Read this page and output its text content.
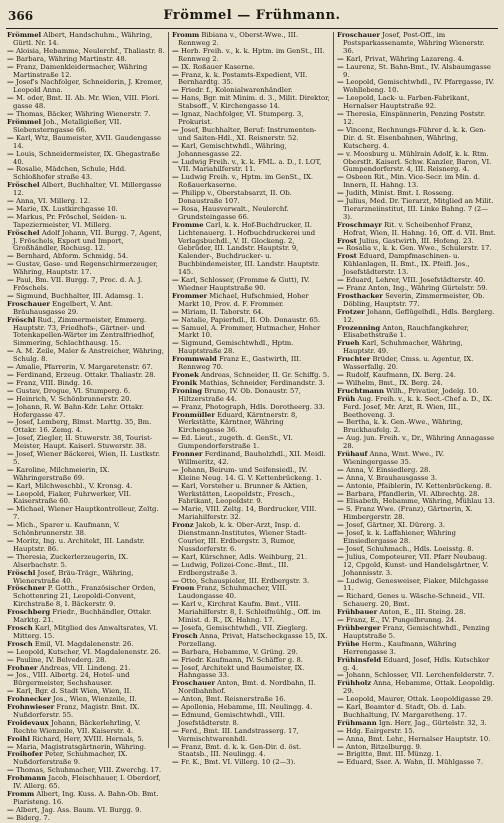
366	Frömmel — Frühmann.
Frömmel Albert, Handschuhm., Währing, Gürtl. Nr. 14.
— Aloisia, Hebamme, Neulerchf., Thaliastr. 8.
— Barbara, Währing Martinstr. 48.
— Franz, Damenkleidermacher, Währing Martinstraße 12.
— Josef's Nachfolger, Schneiderin, J. Kremer, Leopold Anna.
— M. oder, Bmt. II. Ab. Mr. Wien, VIII. Flori. gasse 48.
— Thomas, Bäcker, Währing Wienerstr. 7.
Frömmel Joh., Metallgießer, VII. Siebensterngasse 66.
— Karl, Wtz, Baumeister, XVII. Gaudengasse 14.
— Louis, Schneidermeister, IX. Ghegastraße 40.
— Rosalie, Mädchen, Schule, Hdd. Schloßhofer straße 43.
Fröschel Albert, Buchhalter, VI. Millergasse 12.
— Anna, VI. Millerg. 12.
— Marie, IX. Lustkirchgasse 10.
— Markus, Pr. Fröschel, Seiden- u. Tapeziermeister, VI. Millerg.
Fröschel Adolf Johann, VII. Burgg. 7, Agent, J. Fröschels, Export und Import, Großhändler, Rochusg. 12.
— Bernhard, Abform. Schmidg. 54.
— Gustav, Gase- und Regenschirmerzeuger, Währing, Hauptstr. 17.
— Paul, Bm. VII. Burgg. 7, Proc. d. A. J. Fröschels.
— Sigmund, Buchhalter, III. Adamsg. 1.
Froschauer Engelbert, V. Ant. Bräuhausgasse 29.
Fröschl Rud., Zimmermeister, Emmerg. Hauptstr. 73, Friedhofs-, Gärtner- und Totenkapellen-Wärter im Zentralfriedhof, Simmering, Schlachthausg. 15.
— A. M. Zeile, Maler & Anstreicher, Währing, Schulg. 8.
— Amalie, Pfarrerin, V. Margaretenstr. 67.
— Ferdinand, Erzeug. Ottakr. Thaliastr. 28.
— Franz, VIII. Bindg. 16.
— Gustav, Drogue, VI. Stumperg. 6.
— Heinrich, V. Schönbrunnerstr. 20.
— Johann, R. W. Bahn-Kdr. Lehr. Ottakr. Hofergasse 47.
— Josef, Lemberg, Blmst. Marttg. 35, Bm. Ottakr. 16. Zemg. 4.
— Josef, Ziegler, II. Stuwerstr. 38, Tourist-Meister, Haupt. Kaiserl. Stuwerstr. 38.
— Josef, Wiener Bäckerei, Wien, II. Lustkstr. 5.
— Karoline, Milchmeierin, IX. Währingerstraße 69.
— Karl, Milchweschbl., V. Kronsg. 4.
— Leopold, Fiaker, Fuhrwerker, VII. Kaiserstraße 60.
— Michael, Wiener Hauptkontrolleur, Zeltg. 7.
— Mich., Sparer u. Kaufmann, V. Schönbrunnerstr. 38.
— Moritz, Ing. u. Architekt, III. Landstr. Hauptstr. 86.
— Theresia, Zuckerlerzeugerin, IX. Alserbachstr. 5.
Fröschl Josef, Bräu-Trägr., Währing, Wienerstraße 40.
Fröschner P. Gotth., Französischer Orden, Schottenring 21, Leopoldi-Convent, Kirchstraße 8, I. Bäckerstr. 9.
Froschberg Friedr., Buchhändler, Ottakr. Marktg. 21.
Frosch Karl, Mitglied des Anwaltsrates, VI. Mitterg. 15.
Frosch Emil, VI. Magdalenenstr. 26.
— Leopold, Kutscher, VI. Magdalenenstr. 26.
— Pauline, IV. Belvederg. 28.
Frohner Andreas, VII. Lindeng. 21.
— Jos., VIII. Albertg. 24, Hotel- und Bürgermeister, Sechshauser.
— Karl, Bgr. d. Stadt Wien, Wien, II.
Frohnecker Jos., Wien, Wienzeile, II.
Frohnwieser Franz, Magistr. Bmt. IX. Nußdorferstr. 55.
Froidevaux Johann, Bäckerlehrling, V. Rechte Wienzeile, VII. Kaiserstr. 4.
Froihl Richard, Herr, XVIII. Hernals, 5.
— Maria, Magistratsgärtnerin, Währing.
Froihofer Peter, Schuhmacher, IX. Nußdorferstraße 9.
— Thomas, Schuhmacher, VIII. Zwerchg. 17.
Frohmann Jacob, Fleischhauer, I. Oberdorf, IV. Allerg. 65.
Fromm Albert, Ing. Kuss. A. Bahn-Ob. Bmt. Piaristeng. 16.
— Albert, Jag. Ass. Baum. VI. Burgg. 9.
— Biderg. 7.
Fromm Bibiana v., Oberst-Wwe., III. Rennweg 2.
— Herb. Freih. v., k. k. Hptm. im GenSt., III. Rennweg 2.
— IX. Roßauer Kaserne.
— Franz, k. k. Postamts-Expedient, VII. Bernhardtg. 35.
— Friedr. f., Kolonialwarenhändler.
— Hans, Bgr. mit Minim. d. 3., Milit. Direktor, Stabsoff., V. Kirchengasse 14.
— Ignaz, Nachfolger, VI. Stumperg. 3, Prokurist.
— Josef, Buchhalter, Beruf: Instrumenten- und Saiten-Hdl., XI. Reisnerstr. 52.
— Karl, Gemischtwhdl., Währing, Johannesgasse 22.
— Ludwig Freih. v., k. k. FML. a. D., I. LOT, VII. Mariahilferstr. 11.
— Ludwig Freih. v., Hptm. im GenSt., IX. Roßauerkaserne.
— Philipp v., Oberstabsarzt, II. Ob. Donaustraße 107.
— Rosa, Hausverwalt., Neulerchf. Grundsteingasse 66.
Fromme Carl, k. k. Hof-Buchdrucker, II. Lichtenauerg. 1. Hofbuchdruckerei und Verlagsbuchdl., V. II. Glockeng. 2, Gebrüder, III. Landstr. Hauptstr. 9, Kalender-, Buchdrucker- u. Buchbindemeister, III. Landstr. Hauptstr. 145.
— Karl, Schlosser, (Fromme & Gutt), IV. Wiedner Hauptstraße 90.
Frommer Michael, Hufschmied, Hoher Markt 10, Prov. d. F. Frommer.
— Miriam, II. Taborstr. 64.
— Natalie, Papierhdl., II. Ob. Donaustr. 65.
— Samuel, A. Frommer, Hutmacher, Hoher Markt 10.
— Sigmund, Gemischtwhdl., Hptm. Hauptstraße 28.
Frommwald Franz E., Gastwirth, III. Rennweg 70.
Fronek Andreas, Schneider, II. Gr. Schiffg. 5.
Fronik Mathias, Schneider, Ferdinandstr. 3.
Froning Bruno, IV. Ob. Donaustr. 57, Hiltzerstraße 44.
— Franz, Photograph, Hdls. Dorotheerg. 33.
Fronmüller Eduard, Kärntnerstr. 8, Werkstätte, Kärntner, Währing Kirchengasse 36.
— Ed. Lieut., zugeth. d. GenSt., VI. Gumpendorferstraße 1.
Fronner Ferdinand, Bauholzhdl., XII. Meidl. Willmeritz, 42.
— Johann, Beirum- und Seifensiedl., IV. Kleine Neug. 14. G. V. Kettenbrückeng. 1.
— Karl, Vorsteher u. Brunner & Aktien, Werkstätten, Leopoldstr., Fresch., Fabrikant, Leopoldstr. 9.
— Marie, VIII. Zeltg. 14, Bordrucker, VIII. Mariahilferstr. 32.
Fronz Jakob, k. k. Ober-Arzt, Insp. d. Dienstmann-Institutes, Wiener Stadt-Courier, III. Erdbergstr. 3, Rumor, Nussdorferstr. 6.
— Karl, Kürschner, Adls. Weihburg, 21.
— Ludwig, Polizei-Conc.-Bmt., III. Erdbergstraße 3.
— Otto, Schauspieler, III. Erdbergstr. 3.
Froon Franz, Schuhmacher, VIII. Laudongasse 40.
— Karl v., Kirchrat Kaufm. Bmt., VIII. Mariahilferstr. 8, I. Schleifmühlg., Off. im Minist. d. R., IX. Hahng. 17.
— Josefa, Gemischtwhdl., VII. Zieglerg.
Frosch Anna, Privat, Hatscheckgasse 15, IX. Porzellang.
— Barbara, Hebamme, V. Grüng. 29.
— Friedr. Kaufmann, IV. Schäffer g. 8.
— Josef, Architekt und Baumeister, IX. Hahngasse 33.
Froschauer Anton, Bmt. d. Nordbahn, II. Nordbahnhof.
— Anton, Bmt. Reisnerstraße 16.
— Apollonia, Hebamme, III. Neulingg. 4.
— Edmund, Gemischtwhdl., VIII. Josefstädterstr. 8.
— Ferd., Bmt. III. Landstrasserg. 17, Vermischtwarenhdl.
— Franz, Bmt. d. k. k. Gen-Dir. d. öst. Staatsb., III. Neulingg. 4.
— Fr. K., Bmt. VI. Villerg. 10 (2—3).
Froschauer Josef, Post-Off., im Postsparkassenamte, Währing Wienerstr. 36.
— Karl, Privat, Währing Lazareng. 4.
— Laurenz, St. Bahn-Bmt., IV. Alsbaumgasse 9.
— Leopold, Gemischtwhdl., IV. Pfarrgasse, IV. Wohllebeng. 10.
— Leopold, Lack- u. Farben-Fabrikant, Hernalser Hauptstraße 92.
— Theresia, Einspännerin, Penzing Poststr. 12.
— Vincenz, Rechnungs-Führer d. k. k. Gen-Dir. d. St. Eisenbahnen, Währing, Kutscherg. 4.
— v. Moosburg u. Mühlrain Adolf, k. k. Rtm. Oberstlt. Kaiserl. Schw. Kanzler, Baron, VI. Gumpendorferstr. 4, III. Reisnerg. 4.
— Osbeon Rit., Min. Vice-Secr. im Min. d. Innern, II. Hahng. 13.
— Judith, Minist. Bmt. I. Rosseng.
— Julius, Med. Dr. Tierarzt, Mitglied an Milit. Tierarzneiinstitut, III. Linke Bahng. 7 (2—3).
Froschmayr Rit. v. Scheibenhof Franz, Hofrat, Wien, II. Hahng. 16, Off. d. VII. Bmt.
Frost Julius, Gastwirth, III. Hofeng. 23.
— Rosalia v., k. k. Gen. Wwe., Schulerstr. 17.
Frost Eduard, Dampfmaschinen- u. Kühlanlagen, II. Bmt., IX. Pfeifl. Jos., Josefstädterstr. 13.
— Eduard, Lehrer, VIII. Josefstädterstr. 40.
— Franz Anton, Ing., Währing Gürtelstr. 59.
Frosthacker Severin, Zimmermeister, Ob. Döbling, Hauptstr. 77.
Frotzer Johann, Geflügelhdl., Hdls. Berglerg. 12.
Frozenning Anton, Rauchfangkehrer, Elisabethstraße 1.
Frueh Karl, Schuhmacher, Währing, Hauptstr. 49.
Fruchter Brüder, Cmss. u. Agentur, IX. Wasserfallg. 20.
— Rudolf, Kaufmann, IX. Berg. 24.
— Wilhelm, Bmt., IX. Berg. 24.
Fruchtmann Wilh., Privatier, Jodelg. 10.
Früh Aug. Freih. v., k. k. Sect.-Chef a. D., IX. Ferd. Josef, Mr. Arzt, R. Wien, III., Beethoveng. 3.
— Bertha, k. k. Gen.-Wwe., Währing, Bruckhaufelg. 2.
— Aug. jun. Freih. v., Dr., Währing Annagasse 28.
Frühauf Anna, Wmt. Wwe., IV. Wieningergasse 35.
— Anna, V. Einsiedlerg. 28.
— Anna, V. Brauhausgasse 3.
— Antonie, Pfaiblerin, IV. Kettenbrückeng. 8.
— Barbara, Pfandlerin, VI. Albrechtg. 28.
— Elisabeth, Hebamme, Währing, Mühlau 13.
— S. Franz Wwe. (Franz), Gärtnerin, X. Himbergerstr. 28.
— Josef, Gärtner, XI. Dürerg. 3.
— Josef, k. k. Laffahiener, Währing Einsiedlergasse 28.
— Josef, Schuhmach., Hdls. Loeisstg. 8.
— Julius, Compoteurer, VII. Pfarr Neubaug. 12, Cpgold, Kunst- und Handelsgärtner, V. Johannisstr. 3.
— Ludwig, Genesweiser, Fiaker, Milchgasse 11.
— Richard, Genes u. Wäsche-Schneid., VII. Schauerg. 20, Bmt.
Frühbauer Anton, E., III. Steing. 28.
— Franz, E., IV. Pungelbrunng. 24.
Frühberger Franz, Gemischtwhdl., Penzing Hauptstraße 5.
Frühe Herm., Kaufmann, Währing Herrengasse 3.
Frühinsfeld Eduard, Josef, Hdls. Kutschker g. 4.
— Johann, Schlosser, VII. Lerchenfelderstr. 7.
Frühholz Anna, Hebamme, Ottak. Leopoldig. 29.
— Leopold, Maurer, Ottak. Leopoldigasse 29.
— Karl, Beamter d. Stadt, Ob. d. Lab. Buchhaltung, IV. Margaretheng. 17.
Frühmann Ign. Herr, Jag., Gürtelstr. 32, 3.
— Hdg. Eairgerstr. 15.
— Anna, Bmt. Lehr., Hernalser Hauptstr. 10.
— Anton, Bitzelburgg. 9.
— Brigitte, Bmt. III. Münzg. 1.
— Eduard, Sser. A. Wahn, II. Mühlgasse 7.
